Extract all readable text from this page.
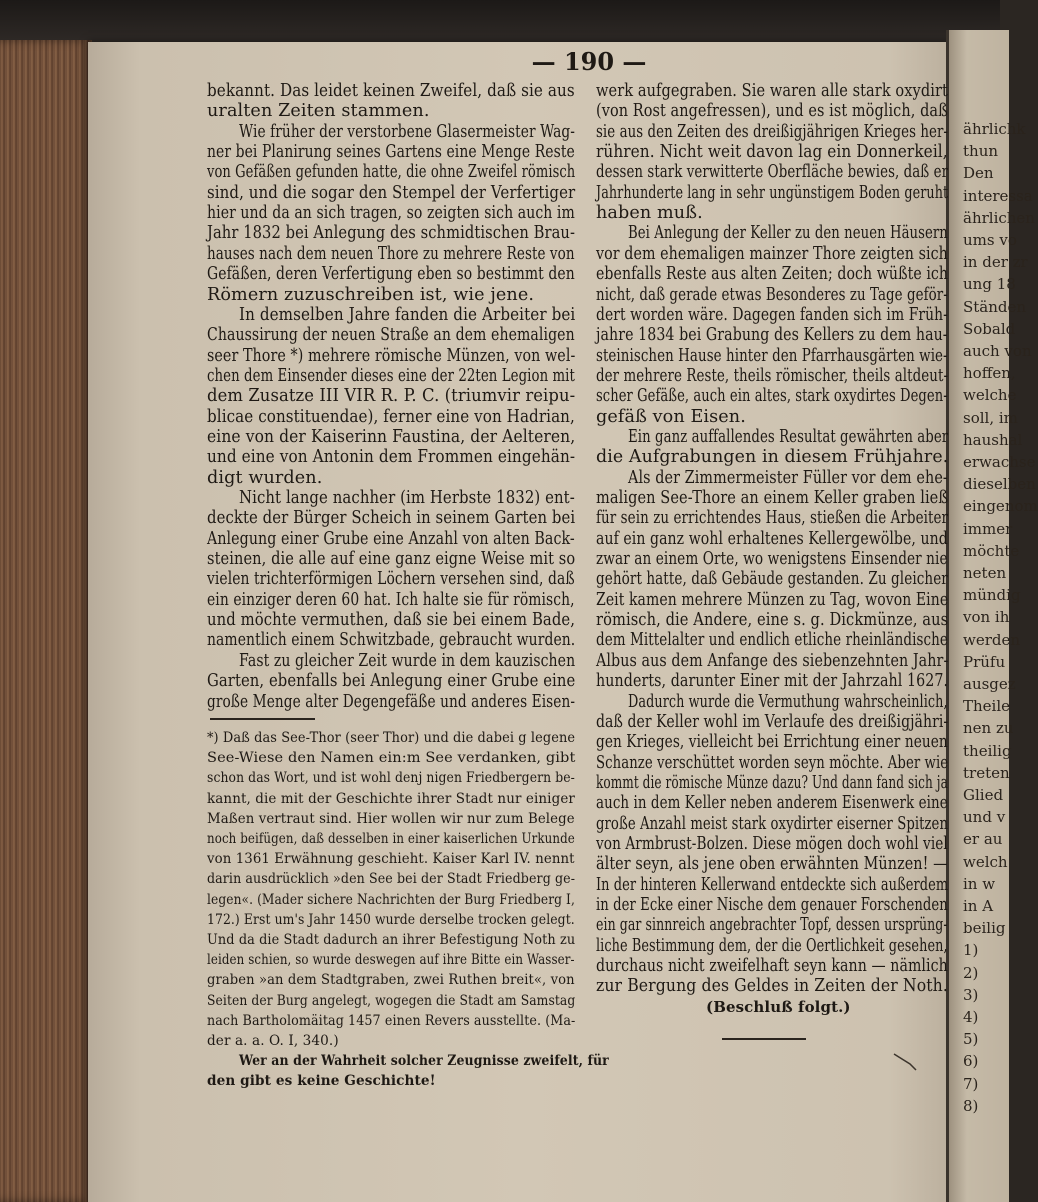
ährlichk
thun
Den
interessa
ährlichen
ums vo
in der zr
ung 18
Ständen
Sobald
auch von
hoffen,
welche
soll, im
haushal
erwachse
dieselben
eingenom
immer
möchte
neten
mündig
von ih
werden
Prüfu
ausgez
Theile
nen zu
theilig
treten
Glied
und v
er au
welch
in w
in A
beilig
1)
2)
3)
4)
5)
6)
7)
8)
— 190 —
bekannt. Das leidet keinen Zweifel, daß sie aus
uralten Zeiten stammen.
Wie früher der verstorbene Glasermeister Wag-
ner bei Planirung seines Gartens eine Menge Reste
von Gefäßen gefunden hatte, die ohne Zweifel römisch
sind, und die sogar den Stempel der Verfertiger
hier und da an sich tragen, so zeigten sich auch im
Jahr 1832 bei Anlegung des schmidtischen Brau-
hauses nach dem neuen Thore zu mehrere Reste von
Gefäßen, deren Verfertigung eben so bestimmt den
Römern zuzuschreiben ist, wie jene.
In demselben Jahre fanden die Arbeiter bei
Chaussirung der neuen Straße an dem ehemaligen
seer Thore *) mehrere römische Münzen, von wel-
chen dem Einsender dieses eine der 22ten Legion mit
dem Zusatze III VIR R. P. C. (triumvir reipu-
blicae constituendae), ferner eine von Hadrian,
eine von der Kaiserinn Faustina, der Aelteren,
und eine von Antonin dem Frommen eingehän-
digt wurden.
Nicht lange nachher (im Herbste 1832) ent-
deckte der Bürger Scheich in seinem Garten bei
Anlegung einer Grube eine Anzahl von alten Back-
steinen, die alle auf eine ganz eigne Weise mit so
vielen trichterförmigen Löchern versehen sind, daß
ein einziger deren 60 hat. Ich halte sie für römisch,
und möchte vermuthen, daß sie bei einem Bade,
namentlich einem Schwitzbade, gebraucht wurden.
Fast zu gleicher Zeit wurde in dem kauzischen
Garten, ebenfalls bei Anlegung einer Grube eine
große Menge alter Degengefäße und anderes Eisen-
*) Daß das See-Thor (seer Thor) und die dabei g legene
See-Wiese den Namen ein:m See verdanken, gibt
schon das Wort, und ist wohl denj nigen Friedbergern be-
kannt, die mit der Geschichte ihrer Stadt nur einiger
Maßen vertraut sind. Hier wollen wir nur zum Belege
noch beifügen, daß desselben in einer kaiserlichen Urkunde
von 1361 Erwähnung geschieht. Kaiser Karl IV. nennt
darin ausdrücklich »den See bei der Stadt Friedberg ge-
legen«. (Mader sichere Nachrichten der Burg Friedberg I,
172.) Erst um's Jahr 1450 wurde derselbe trocken gelegt.
Und da die Stadt dadurch an ihrer Befestigung Noth zu
leiden schien, so wurde deswegen auf ihre Bitte ein Wasser-
graben »an dem Stadtgraben, zwei Ruthen breit«, von
Seiten der Burg angelegt, wogegen die Stadt am Samstag
nach Bartholomäitag 1457 einen Revers ausstellte. (Ma-
der a. a. O. I, 340.)
Wer an der Wahrheit solcher Zeugnisse zweifelt, für
den gibt es keine Geschichte!
werk aufgegraben. Sie waren alle stark oxydirt
(von Rost angefressen), und es ist möglich, daß
sie aus den Zeiten des dreißigjährigen Krieges her-
rühren. Nicht weit davon lag ein Donnerkeil,
dessen stark verwitterte Oberfläche bewies, daß er
Jahrhunderte lang in sehr ungünstigem Boden geruht
haben muß.
Bei Anlegung der Keller zu den neuen Häusern
vor dem ehemaligen mainzer Thore zeigten sich
ebenfalls Reste aus alten Zeiten; doch wüßte ich
nicht, daß gerade etwas Besonderes zu Tage geför-
dert worden wäre. Dagegen fanden sich im Früh-
jahre 1834 bei Grabung des Kellers zu dem hau-
steinischen Hause hinter den Pfarrhausgärten wie-
der mehrere Reste, theils römischer, theils altdeut-
scher Gefäße, auch ein altes, stark oxydirtes Degen-
gefäß von Eisen.
Ein ganz auffallendes Resultat gewährten aber
die Aufgrabungen in diesem Frühjahre.
Als der Zimmermeister Füller vor dem ehe-
maligen See-Thore an einem Keller graben ließ
für sein zu errichtendes Haus, stießen die Arbeiter
auf ein ganz wohl erhaltenes Kellergewölbe, und
zwar an einem Orte, wo wenigstens Einsender nie
gehört hatte, daß Gebäude gestanden. Zu gleicher
Zeit kamen mehrere Münzen zu Tag, wovon Eine
römisch, die Andere, eine s. g. Dickmünze, aus
dem Mittelalter und endlich etliche rheinländische
Albus aus dem Anfange des siebenzehnten Jahr-
hunderts, darunter Einer mit der Jahrzahl 1627.
Dadurch wurde die Vermuthung wahrscheinlich,
daß der Keller wohl im Verlaufe des dreißigjähri-
gen Krieges, vielleicht bei Errichtung einer neuen
Schanze verschüttet worden seyn möchte. Aber wie
kommt die römische Münze dazu? Und dann fand sich ja
auch in dem Keller neben anderem Eisenwerk eine
große Anzahl meist stark oxydirter eiserner Spitzen
von Armbrust-Bolzen. Diese mögen doch wohl viel
älter seyn, als jene oben erwähnten Münzen! —
In der hinteren Kellerwand entdeckte sich außerdem
in der Ecke einer Nische dem genauer Forschenden
ein gar sinnreich angebrachter Topf, dessen ursprüng-
liche Bestimmung dem, der die Oertlichkeit gesehen,
durchaus nicht zweifelhaft seyn kann — nämlich
zur Bergung des Geldes in Zeiten der Noth.
(Beschluß folgt.)
